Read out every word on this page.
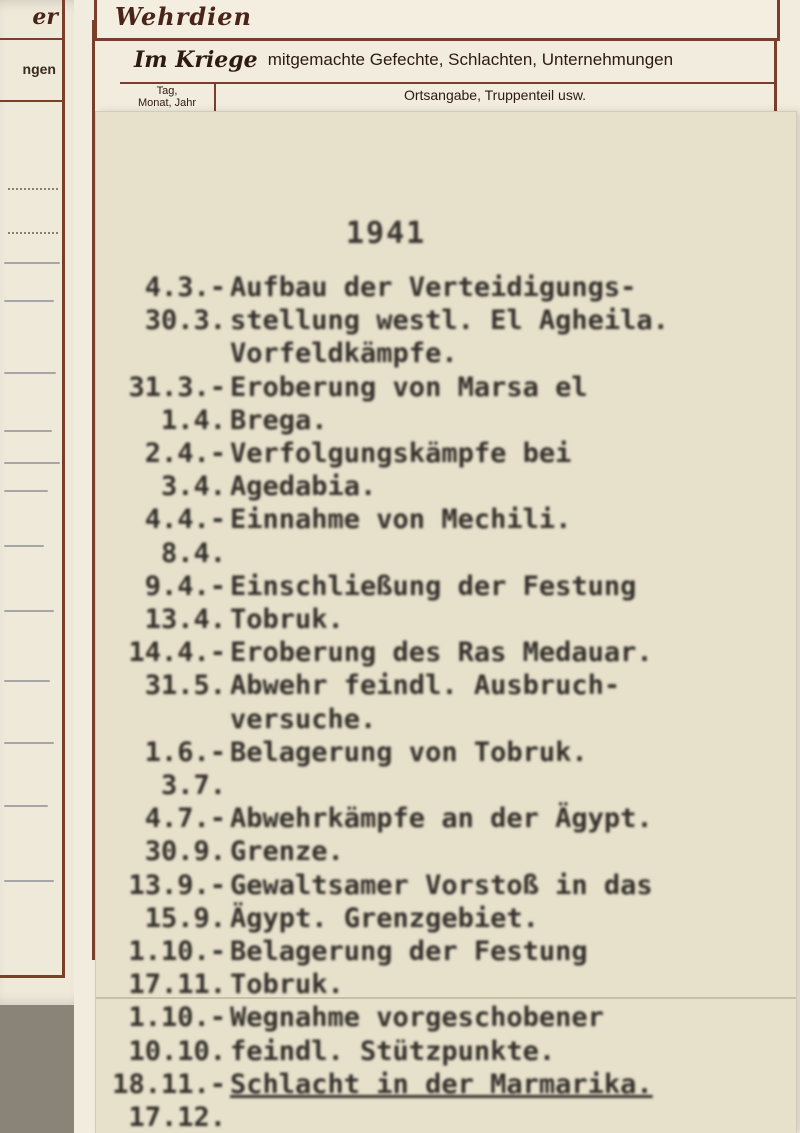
er
ngen
Wehrdien
Im Kriege mitgemachte Gefechte, Schlachten, Unternehmungen
Tag,
Monat, Jahr	Ortsangabe, Truppenteil usw.
1941
4.3.- Aufbau der Verteidigungs-
30.3. stellung westl. El Agheila.
Vorfeldkämpfe.
31.3.- Eroberung von Marsa el
1.4. Brega.
2.4.- Verfolgungskämpfe bei
3.4. Agedabia.
4.4.- Einnahme von Mechili.
8.4.
9.4.- Einschließung der Festung
13.4. Tobruk.
14.4.- Eroberung des Ras Medauar.
31.5. Abwehr feindl. Ausbruch-
versuche.
1.6.- Belagerung von Tobruk.
3.7.
4.7.- Abwehrkämpfe an der Ägypt.
30.9. Grenze.
13.9.- Gewaltsamer Vorstoß in das
15.9. Ägypt. Grenzgebiet.
1.10.- Belagerung der Festung
17.11. Tobruk.
1.10.- Wegnahme vorgeschobener
10.10. feindl. Stützpunkte.
18.11.- Schlacht in der Marmarika.
17.12.
